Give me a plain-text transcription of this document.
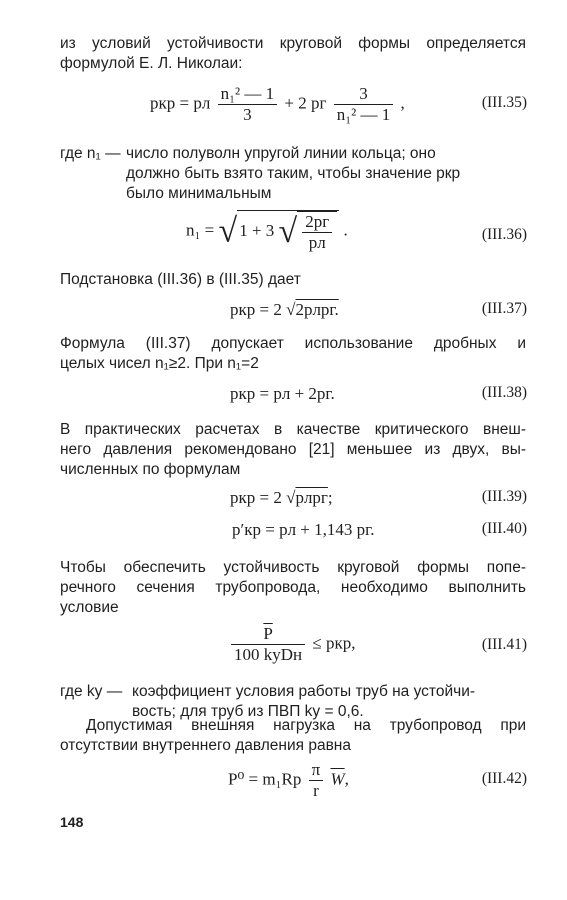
из условий устойчивости круговой формы определяется
формулой Е. Л. Николаи:
pкр = pл $\frac{\text{n₁² — 1}}{3} + 2$ pг $\frac{3}{\text{n₁² — 1}}$ ,	(III.35)
где n₁ — число полуволн упругой линии кольца; оно
должно быть взято таким, чтобы значение pкр
было минимальным
n₁ = √ 1 + 3 √ $\frac{2pг}{pл}$ .	(III.36)
Подстановка (III.36) в (III.35) дает
pкр = 2 √2pлpг.	(III.37)
Формула (III.37) допускает использование дробных и
целых чисел n₁≥2. При n₁=2
pкр = pл + 2pг.	(III.38)
В практических расчетах в качестве критического внеш-
него давления рекомендовано [21] меньшее из двух, вы-
численных по формулам
pкр = 2 √pлpг;	(III.39)
p′кр = pл + 1,143 pг.	(III.40)
Чтобы обеспечить устойчивость круговой формы попе-
речного сечения трубопровода, необходимо выполнить
условие
$\frac{\overline{P}}{\text{100 kуDн}}$ ≤ pкр,	(III.41)
где kу — коэффициент условия работы труб на устойчи-
вость; для труб из ПВП kу = 0,6.
Допустимая внешняя нагрузка на трубопровод при
отсутствии внутреннего давления равна
$P^0 = m_1Rp \frac{\pi}{r} \overline{W}$,	(III.42)
148
